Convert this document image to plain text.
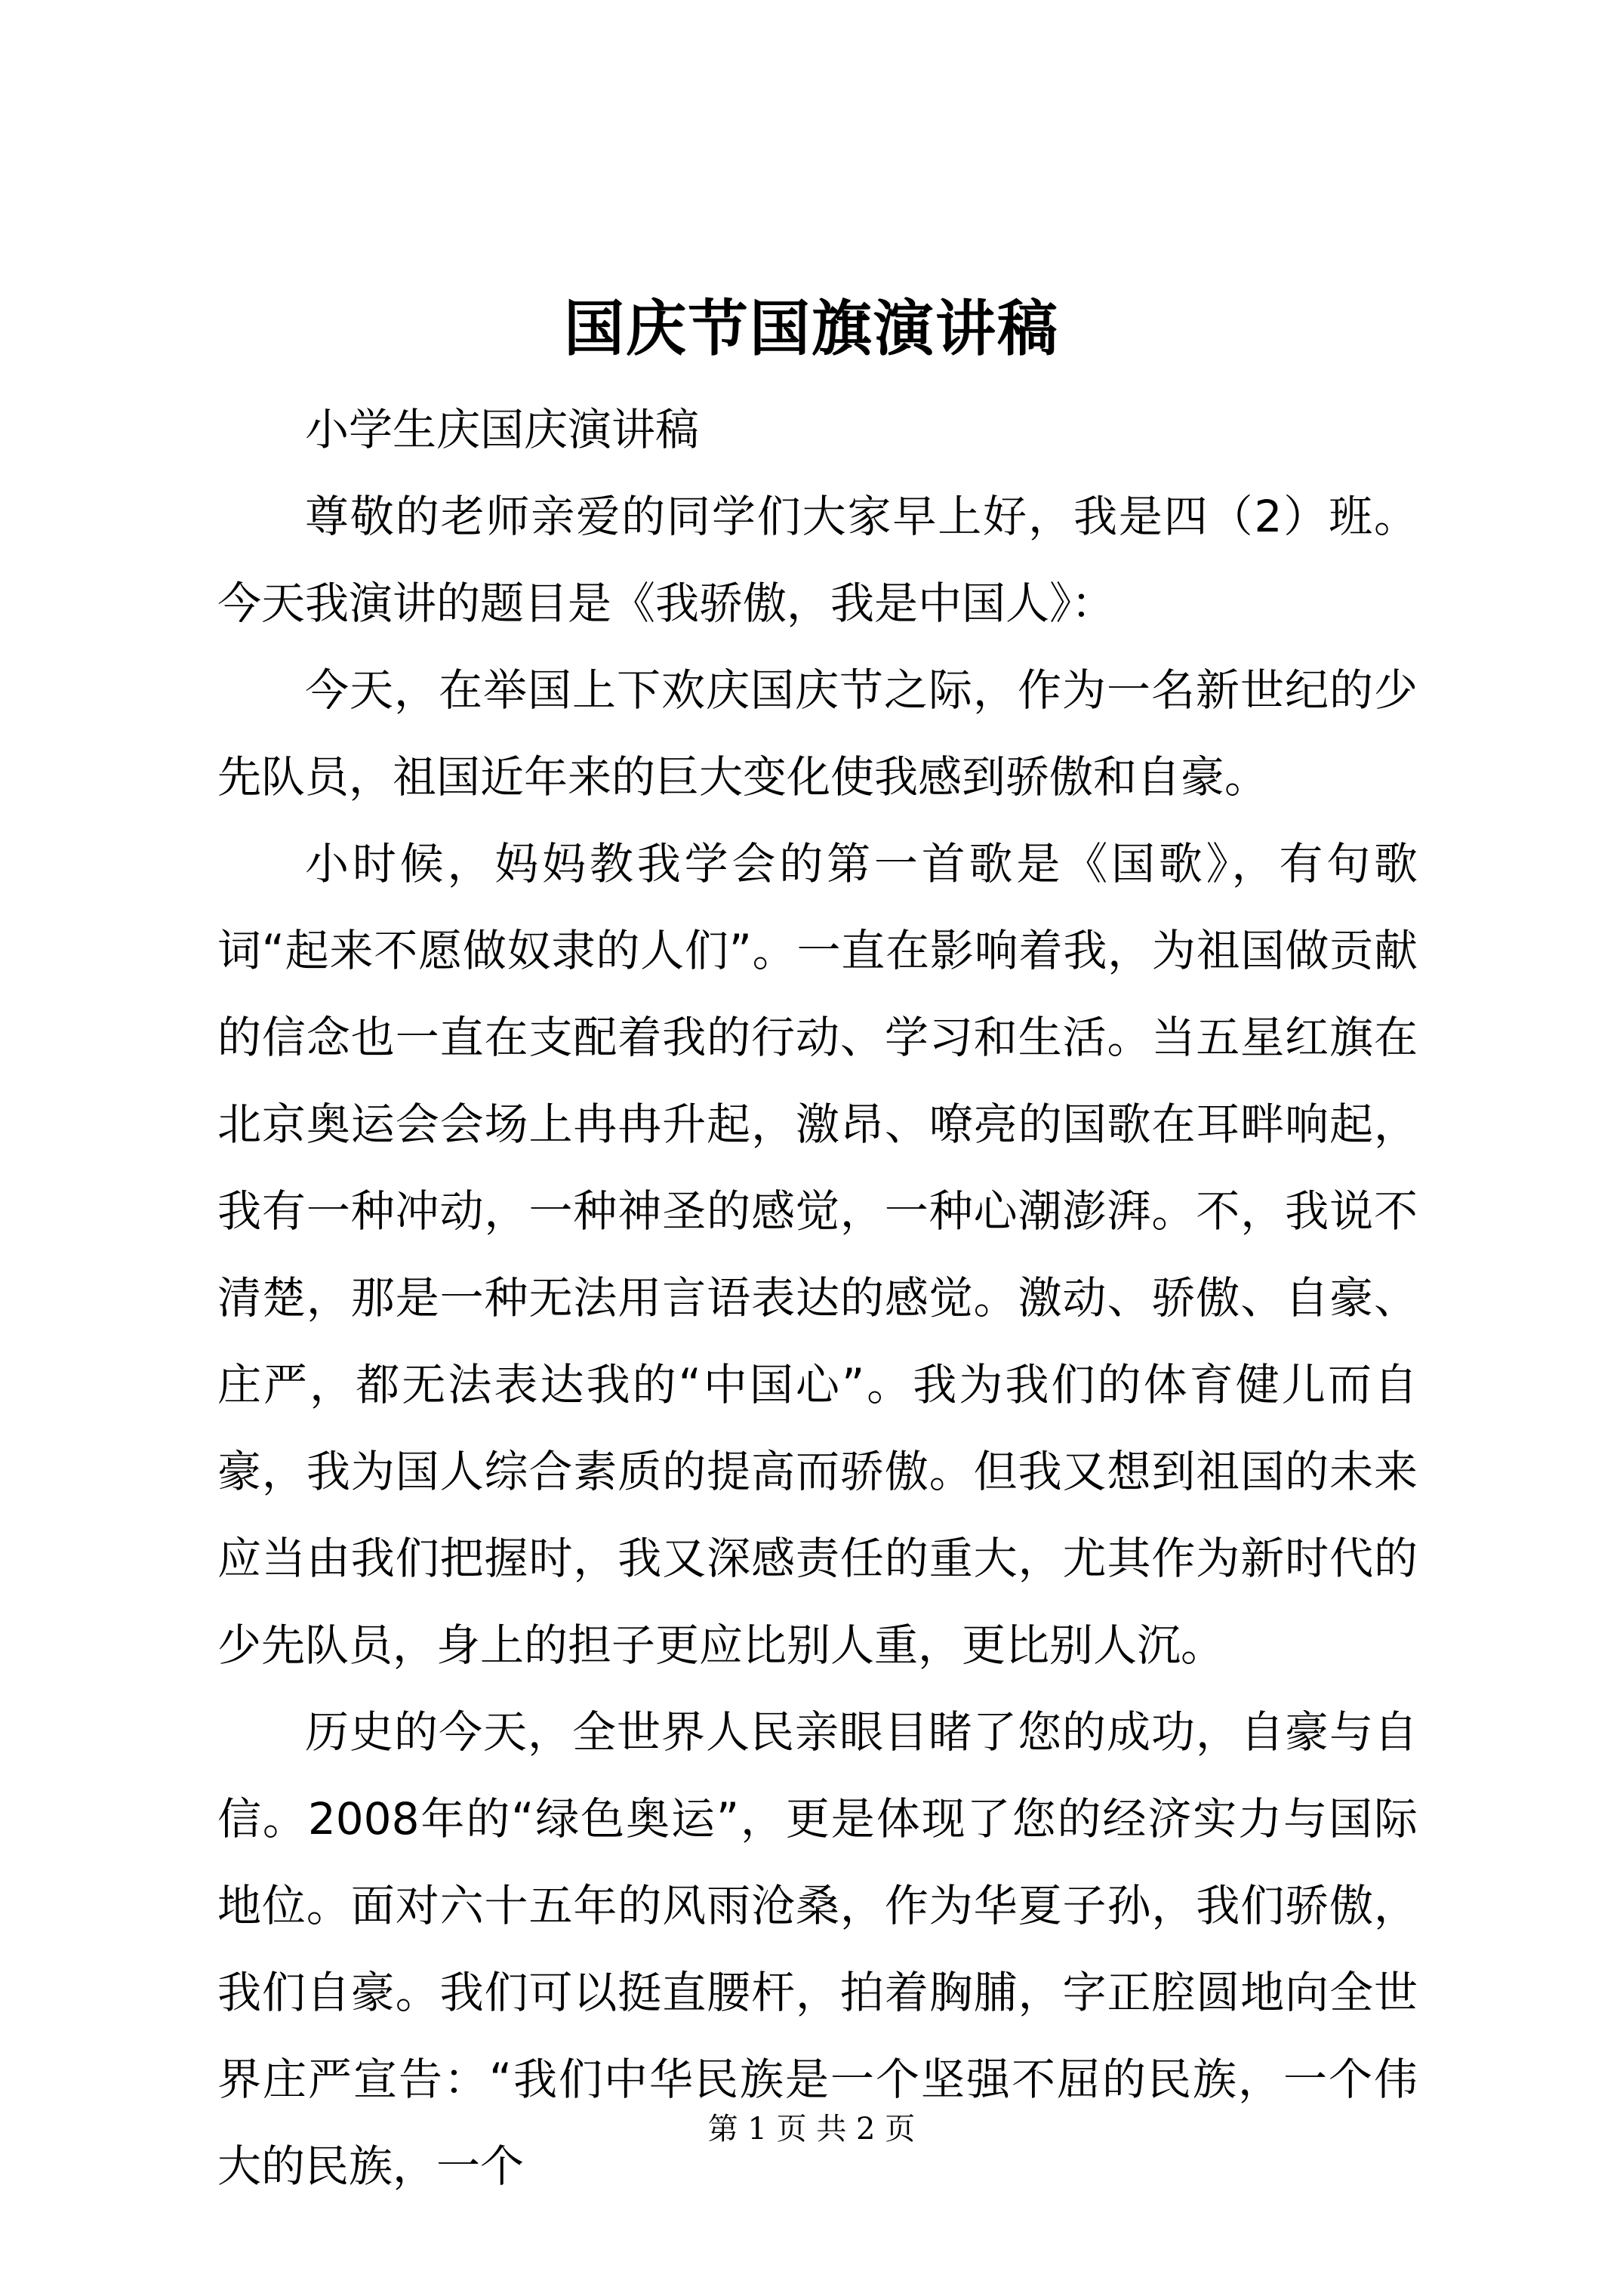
国庆节国旗演讲稿

小学生庆国庆演讲稿

尊敬的老师亲爱的同学们大家早上好，我是四（2）班。今天我演讲的题目是《我骄傲，我是中国人》：

今天，在举国上下欢庆国庆节之际，作为一名新世纪的少先队员，祖国近年来的巨大变化使我感到骄傲和自豪。

小时候，妈妈教我学会的第一首歌是《国歌》，有句歌词“起来不愿做奴隶的人们”。一直在影响着我，为祖国做贡献的信念也一直在支配着我的行动、学习和生活。当五星红旗在北京奥运会会场上冉冉升起，激昂、嘹亮的国歌在耳畔响起，我有一种冲动，一种神圣的感觉，一种心潮澎湃。不，我说不清楚，那是一种无法用言语表达的感觉。激动、骄傲、自豪、庄严，都无法表达我的“中国心”。我为我们的体育健儿而自豪，我为国人综合素质的提高而骄傲。但我又想到祖国的未来应当由我们把握时，我又深感责任的重大，尤其作为新时代的少先队员，身上的担子更应比别人重，更比别人沉。

历史的今天，全世界人民亲眼目睹了您的成功，自豪与自信。2008年的“绿色奥运”，更是体现了您的经济实力与国际地位。面对六十五年的风雨沧桑，作为华夏子孙，我们骄傲，我们自豪。我们可以挺直腰杆，拍着胸脯，字正腔圆地向全世界庄严宣告：“我们中华民族是一个坚强不屈的民族，一个伟大的民族，一个

第 1 页 共 2 页
